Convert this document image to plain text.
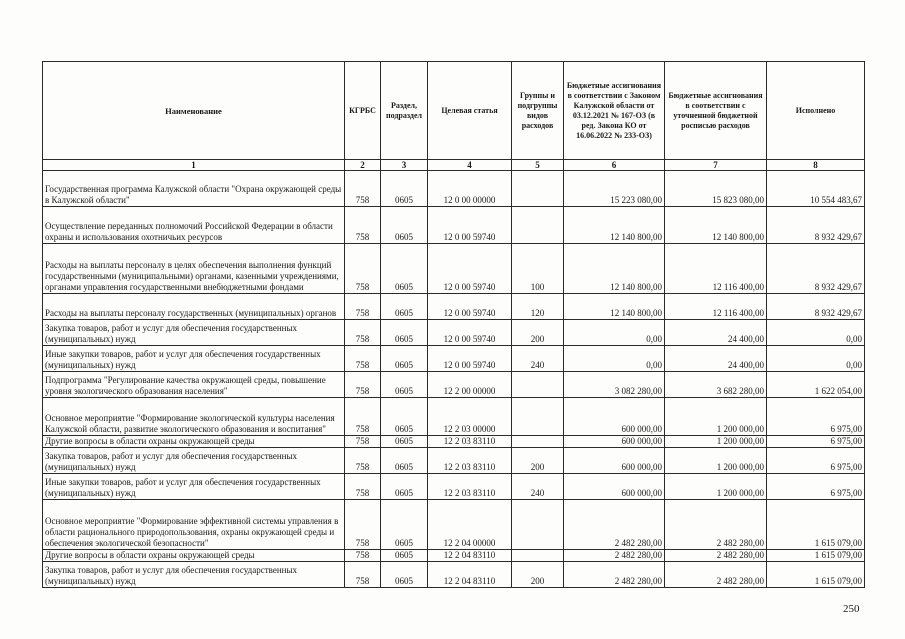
Наименование	КГРБС	Раздел, подраздел	Целевая статья	Группы и подгруппы видов расходов	Бюджетные ассигнования в соответствии с Законом Калужской области от 03.12.2021 № 167-ОЗ (в ред. Закона КО от 16.06.2022 № 233-ОЗ)	Бюджетные ассигнования в соответствии с уточненной бюджетной росписью расходов	Исполнено
1	2	3	4	5	6	7	8
Государственная программа Калужской области "Охрана окружающей среды в Калужской области"	758	0605	12 0 00 00000		15 223 080,00	15 823 080,00	10 554 483,67
Осуществление переданных полномочий Российской Федерации в области охраны и использования охотничьих ресурсов	758	0605	12 0 00 59740		12 140 800,00	12 140 800,00	8 932 429,67
Расходы на выплаты персоналу в целях обеспечения выполнения функций государственными (муниципальными) органами, казенными учреждениями, органами управления государственными внебюджетными фондами	758	0605	12 0 00 59740	100	12 140 800,00	12 116 400,00	8 932 429,67
Расходы на выплаты персоналу государственных (муниципальных) органов	758	0605	12 0 00 59740	120	12 140 800,00	12 116 400,00	8 932 429,67
Закупка товаров, работ и услуг для обеспечения государственных (муниципальных) нужд	758	0605	12 0 00 59740	200	0,00	24 400,00	0,00
Иные закупки товаров, работ и услуг для обеспечения государственных (муниципальных) нужд	758	0605	12 0 00 59740	240	0,00	24 400,00	0,00
Подпрограмма "Регулирование качества окружающей среды, повышение уровня экологического образования населения"	758	0605	12 2 00 00000		3 082 280,00	3 682 280,00	1 622 054,00
Основное мероприятие "Формирование экологической культуры населения Калужской области, развитие экологического образования и воспитания"	758	0605	12 2 03 00000		600 000,00	1 200 000,00	6 975,00
Другие вопросы в области охраны окружающей среды	758	0605	12 2 03 83110		600 000,00	1 200 000,00	6 975,00
Закупка товаров, работ и услуг для обеспечения государственных (муниципальных) нужд	758	0605	12 2 03 83110	200	600 000,00	1 200 000,00	6 975,00
Иные закупки товаров, работ и услуг для обеспечения государственных (муниципальных) нужд	758	0605	12 2 03 83110	240	600 000,00	1 200 000,00	6 975,00
Основное мероприятие "Формирование эффективной системы управления в области рационального природопользования, охраны окружающей среды и обеспечения экологической безопасности"	758	0605	12 2 04 00000		2 482 280,00	2 482 280,00	1 615 079,00
Другие вопросы в области охраны окружающей среды	758	0605	12 2 04 83110		2 482 280,00	2 482 280,00	1 615 079,00
Закупка товаров, работ и услуг для обеспечения государственных (муниципальных) нужд	758	0605	12 2 04 83110	200	2 482 280,00	2 482 280,00	1 615 079,00
250
